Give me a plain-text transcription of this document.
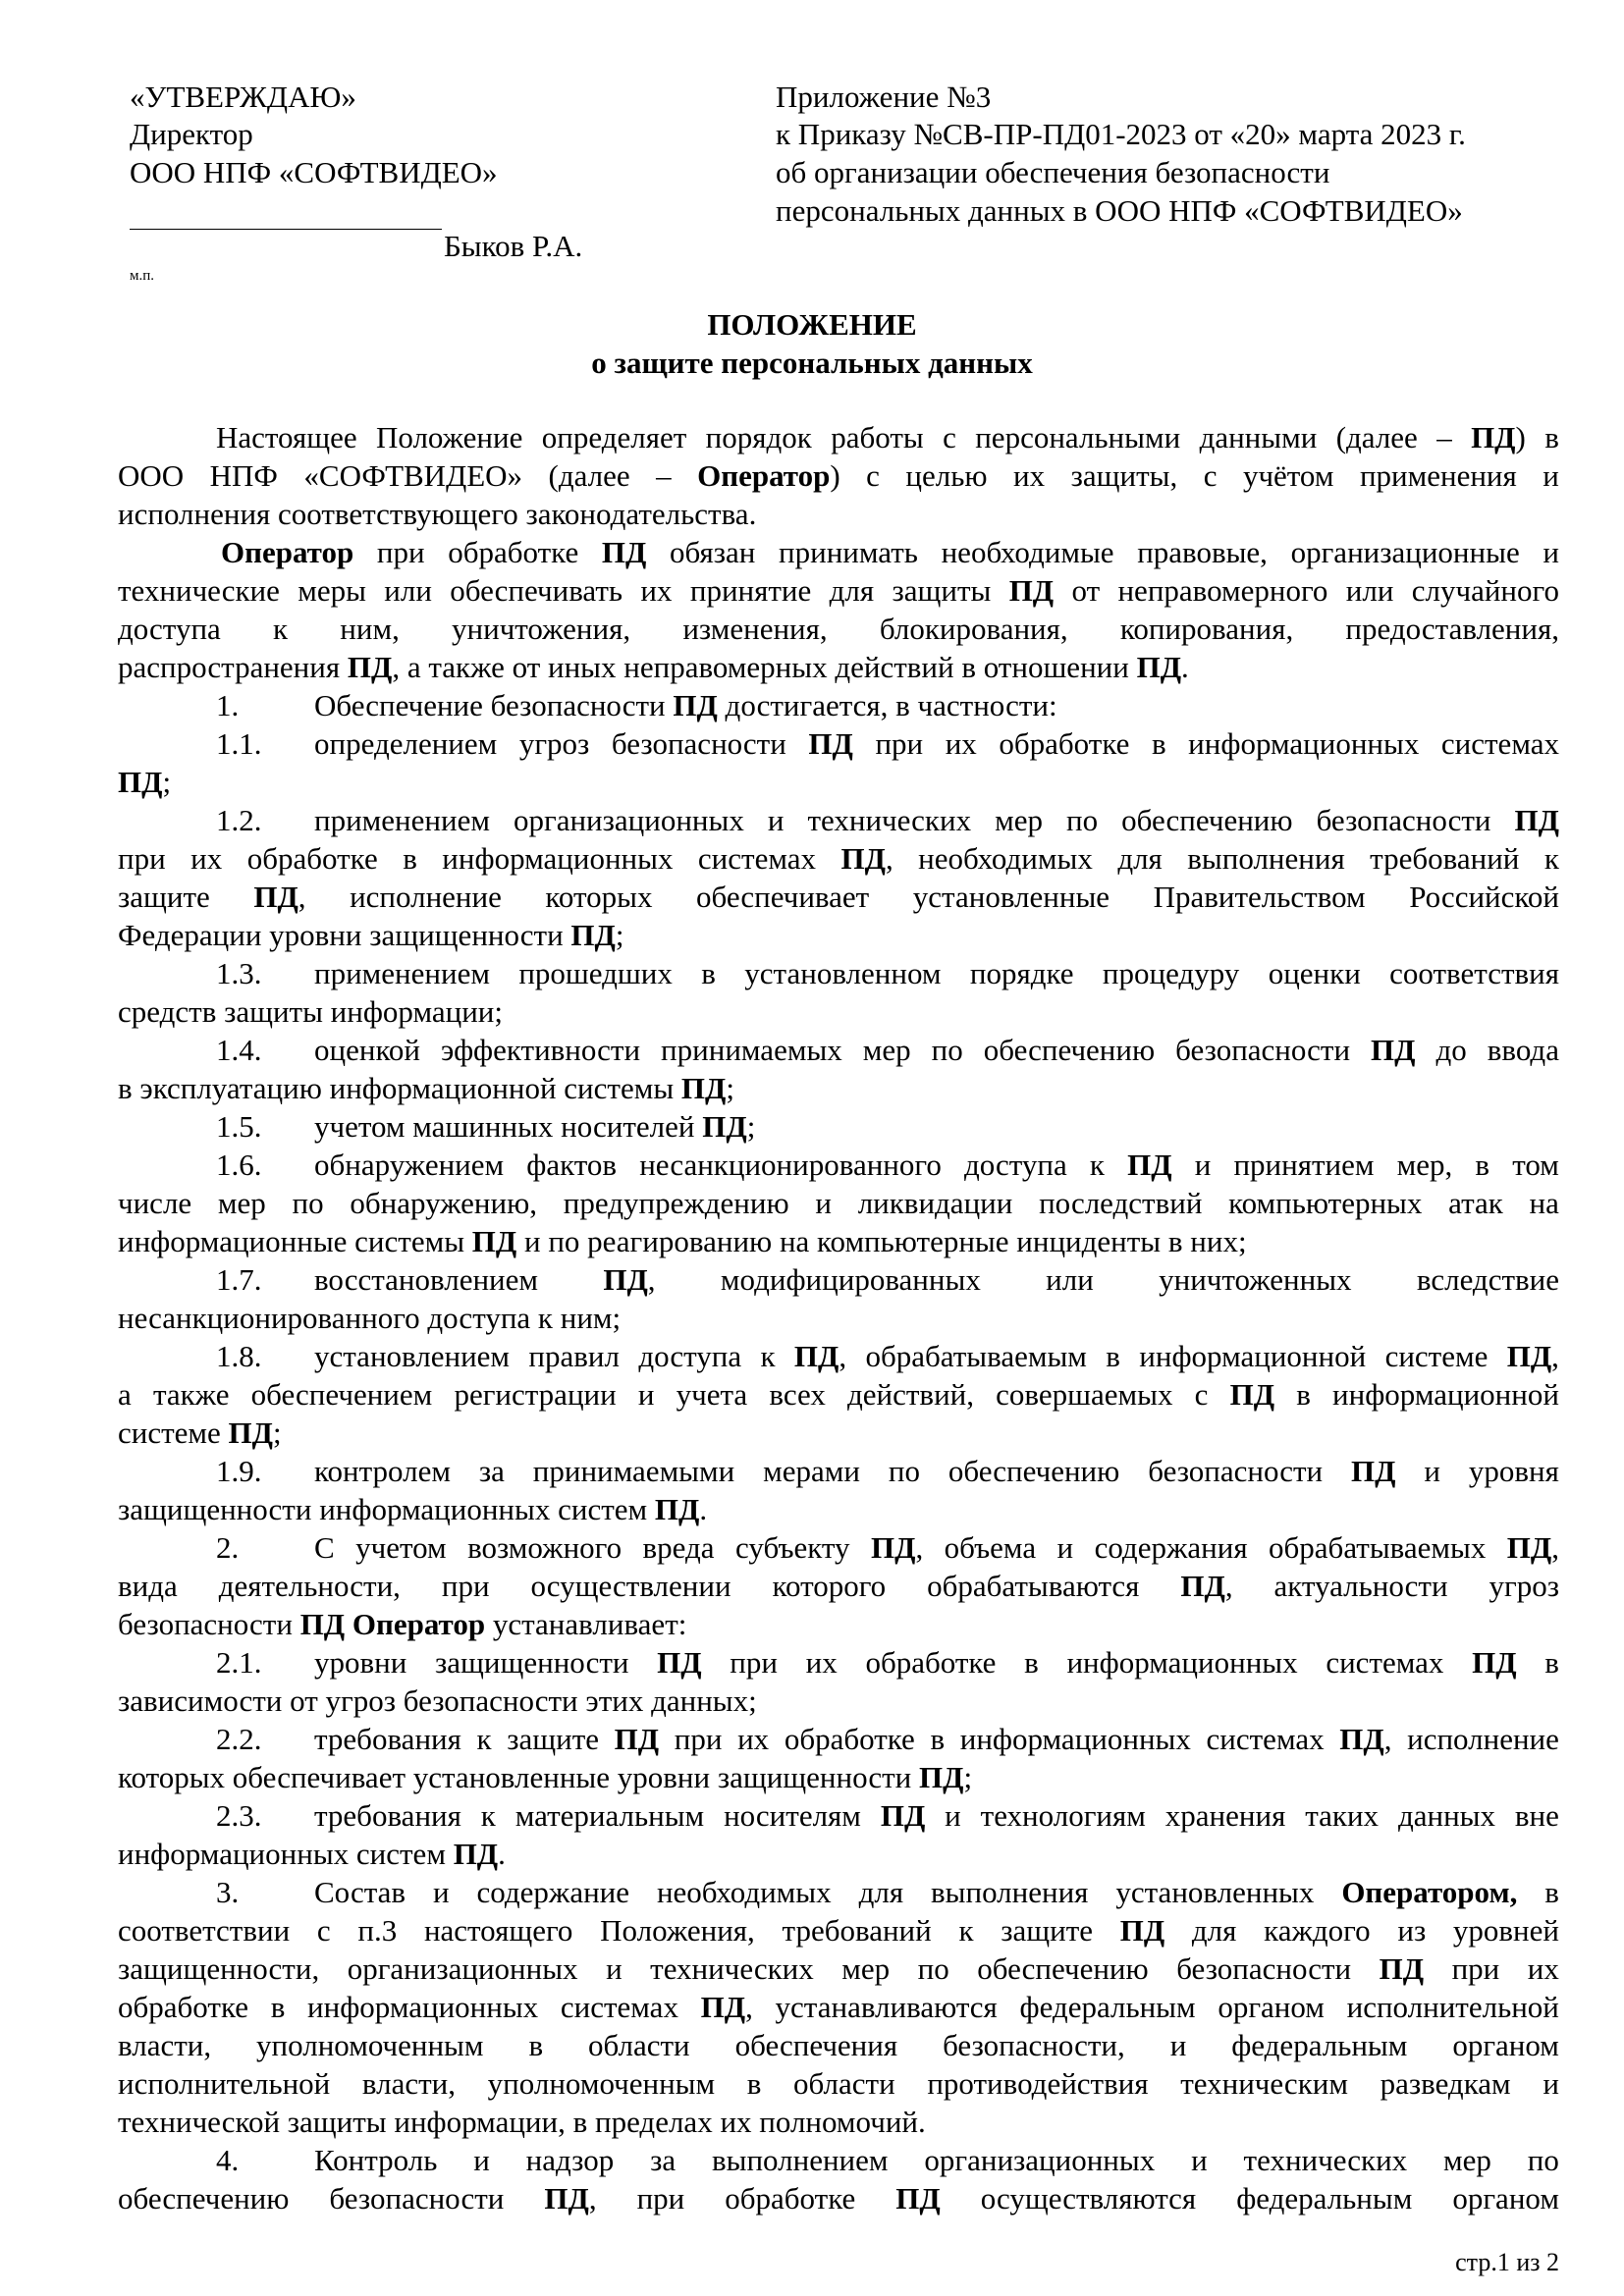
«УТВЕРЖДАЮ»
Директор
ООО НПФ «СОФТВИДЕО»
Быков Р.А.
м.п.
Приложение №3
к Приказу №СВ-ПР-ПД01-2023 от «20» марта 2023 г.
об организации обеспечения безопасности
персональных данных в ООО НПФ «СОФТВИДЕО»
ПОЛОЖЕНИЕ
о защите персональных данных
Настоящее Положение определяет порядок работы с персональными данными (далее – ПД) в
ООО НПФ «СОФТВИДЕО» (далее – Оператор) с целью их защиты, с учётом применения и
исполнения соответствующего законодательства.
Оператор при обработке ПД обязан принимать необходимые правовые, организационные и
технические меры или обеспечивать их принятие для защиты ПД от неправомерного или случайного
доступа к ним, уничтожения, изменения, блокирования, копирования, предоставления,
распространения ПД, а также от иных неправомерных действий в отношении ПД.
1. Обеспечение безопасности ПД достигается, в частности:
1.1. определением угроз безопасности ПД при их обработке в информационных системах
ПД;
1.2. применением организационных и технических мер по обеспечению безопасности ПД
при их обработке в информационных системах ПД, необходимых для выполнения требований к
защите ПД, исполнение которых обеспечивает установленные Правительством Российской
Федерации уровни защищенности ПД;
1.3. применением прошедших в установленном порядке процедуру оценки соответствия
средств защиты информации;
1.4. оценкой эффективности принимаемых мер по обеспечению безопасности ПД до ввода
в эксплуатацию информационной системы ПД;
1.5. учетом машинных носителей ПД;
1.6. обнаружением фактов несанкционированного доступа к ПД и принятием мер, в том
числе мер по обнаружению, предупреждению и ликвидации последствий компьютерных атак на
информационные системы ПД и по реагированию на компьютерные инциденты в них;
1.7. восстановлением ПД, модифицированных или уничтоженных вследствие
несанкционированного доступа к ним;
1.8. установлением правил доступа к ПД, обрабатываемым в информационной системе ПД,
а также обеспечением регистрации и учета всех действий, совершаемых с ПД в информационной
системе ПД;
1.9. контролем за принимаемыми мерами по обеспечению безопасности ПД и уровня
защищенности информационных систем ПД.
2. С учетом возможного вреда субъекту ПД, объема и содержания обрабатываемых ПД,
вида деятельности, при осуществлении которого обрабатываются ПД, актуальности угроз
безопасности ПД Оператор устанавливает:
2.1. уровни защищенности ПД при их обработке в информационных системах ПД в
зависимости от угроз безопасности этих данных;
2.2. требования к защите ПД при их обработке в информационных системах ПД, исполнение
которых обеспечивает установленные уровни защищенности ПД;
2.3. требования к материальным носителям ПД и технологиям хранения таких данных вне
информационных систем ПД.
3. Состав и содержание необходимых для выполнения установленных Оператором, в
соответствии с п.3 настоящего Положения, требований к защите ПД для каждого из уровней
защищенности, организационных и технических мер по обеспечению безопасности ПД при их
обработке в информационных системах ПД, устанавливаются федеральным органом исполнительной
власти, уполномоченным в области обеспечения безопасности, и федеральным органом
исполнительной власти, уполномоченным в области противодействия техническим разведкам и
технической защиты информации, в пределах их полномочий.
4. Контроль и надзор за выполнением организационных и технических мер по
обеспечению безопасности ПД, при обработке ПД осуществляются федеральным органом
стр.1 из 2
